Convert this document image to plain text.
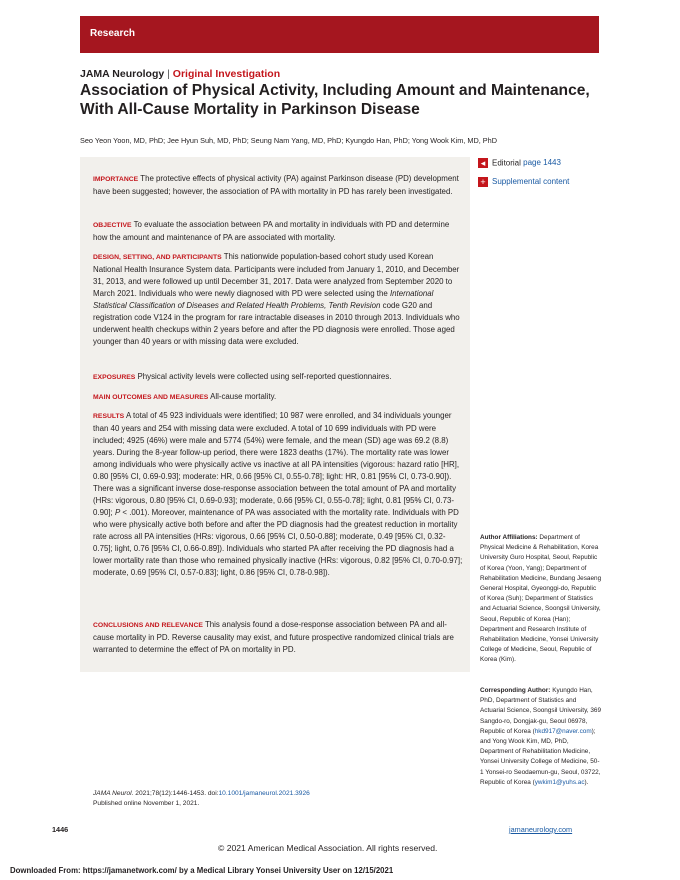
Research
JAMA Neurology | Original Investigation
Association of Physical Activity, Including Amount and Maintenance, With All-Cause Mortality in Parkinson Disease
Seo Yeon Yoon, MD, PhD; Jee Hyun Suh, MD, PhD; Seung Nam Yang, MD, PhD; Kyungdo Han, PhD; Yong Wook Kim, MD, PhD

IMPORTANCE The protective effects of physical activity (PA) against Parkinson disease (PD) development have been suggested; however, the association of PA with mortality in PD has rarely been investigated.

OBJECTIVE To evaluate the association between PA and mortality in individuals with PD and determine how the amount and maintenance of PA are associated with mortality.

DESIGN, SETTING, AND PARTICIPANTS This nationwide population-based cohort study used Korean National Health Insurance System data. Participants were included from January 1, 2010, and December 31, 2013, and were followed up until December 31, 2017. Data were analyzed from September 2020 to March 2021. Individuals who were newly diagnosed with PD were selected using the International Statistical Classification of Diseases and Related Health Problems, Tenth Revision code G20 and registration code V124 in the program for rare intractable diseases in 2010 through 2013. Individuals who underwent health checkups within 2 years before and after the PD diagnosis were enrolled. Those aged younger than 40 years or with missing data were excluded.

EXPOSURES Physical activity levels were collected using self-reported questionnaires.

MAIN OUTCOMES AND MEASURES All-cause mortality.

RESULTS A total of 45 923 individuals were identified; 10 987 were enrolled, and 34 individuals younger than 40 years and 254 with missing data were excluded. A total of 10 699 individuals with PD were included; 4925 (46%) were male and 5774 (54%) were female, and the mean (SD) age was 69.2 (8.8) years. During the 8-year follow-up period, there were 1823 deaths (17%). The mortality rate was lower among individuals who were physically active vs inactive at all PA intensities (vigorous: hazard ratio [HR], 0.80 [95% CI, 0.69-0.93]; moderate: HR, 0.66 [95% CI, 0.55-0.78]; light: HR, 0.81 [95% CI, 0.73-0.90]). There was a significant inverse dose-response association between the total amount of PA and mortality (HRs: vigorous, 0.80 [95% CI, 0.69-0.93]; moderate, 0.66 [95% CI, 0.55-0.78]; light, 0.81 [95% CI, 0.73-0.90]; P < .001). Moreover, maintenance of PA was associated with the mortality rate. Individuals with PD who were physically active both before and after the PD diagnosis had the greatest reduction in mortality rate across all PA intensities (HRs: vigorous, 0.66 [95% CI, 0.50-0.88]; moderate, 0.49 [95% CI, 0.32-0.75]; light, 0.76 [95% CI, 0.66-0.89]). Individuals who started PA after receiving the PD diagnosis had a lower mortality rate than those who remained physically inactive (HRs: vigorous, 0.82 [95% CI, 0.70-0.97]; moderate, 0.69 [95% CI, 0.57-0.83]; light, 0.86 [95% CI, 0.78-0.98]).

CONCLUSIONS AND RELEVANCE This analysis found a dose-response association between PA and all-cause mortality in PD. Reverse causality may exist, and future prospective randomized clinical trials are warranted to determine the effect of PA on mortality in PD.

◂ Editorial page 1443
+ Supplemental content

Author Affiliations: Department of Physical Medicine & Rehabilitation, Korea University Guro Hospital, Seoul, Republic of Korea (Yoon, Yang); Department of Rehabilitation Medicine, Bundang Jesaeng General Hospital, Gyeonggi-do, Republic of Korea (Suh); Department of Statistics and Actuarial Science, Soongsil University, Seoul, Republic of Korea (Han); Department and Research Institute of Rehabilitation Medicine, Yonsei University College of Medicine, Seoul, Republic of Korea (Kim).

Corresponding Author: Kyungdo Han, PhD, Department of Statistics and Actuarial Science, Soongsil University, 369 Sangdo-ro, Dongjak-gu, Seoul 06978, Republic of Korea (hkd917@naver.com); and Yong Wook Kim, MD, PhD, Department of Rehabilitation Medicine, Yonsei University College of Medicine, 50-1 Yonsei-ro Seodaemun-gu, Seoul, 03722, Republic of Korea (ywkim1@yuhs.ac).

JAMA Neurol. 2021;78(12):1446-1453. doi:10.1001/jamaneurol.2021.3926
Published online November 1, 2021.
1446	jamaneurology.com
© 2021 American Medical Association. All rights reserved.
Downloaded From: https://jamanetwork.com/ by a Medical Library Yonsei University User on 12/15/2021
